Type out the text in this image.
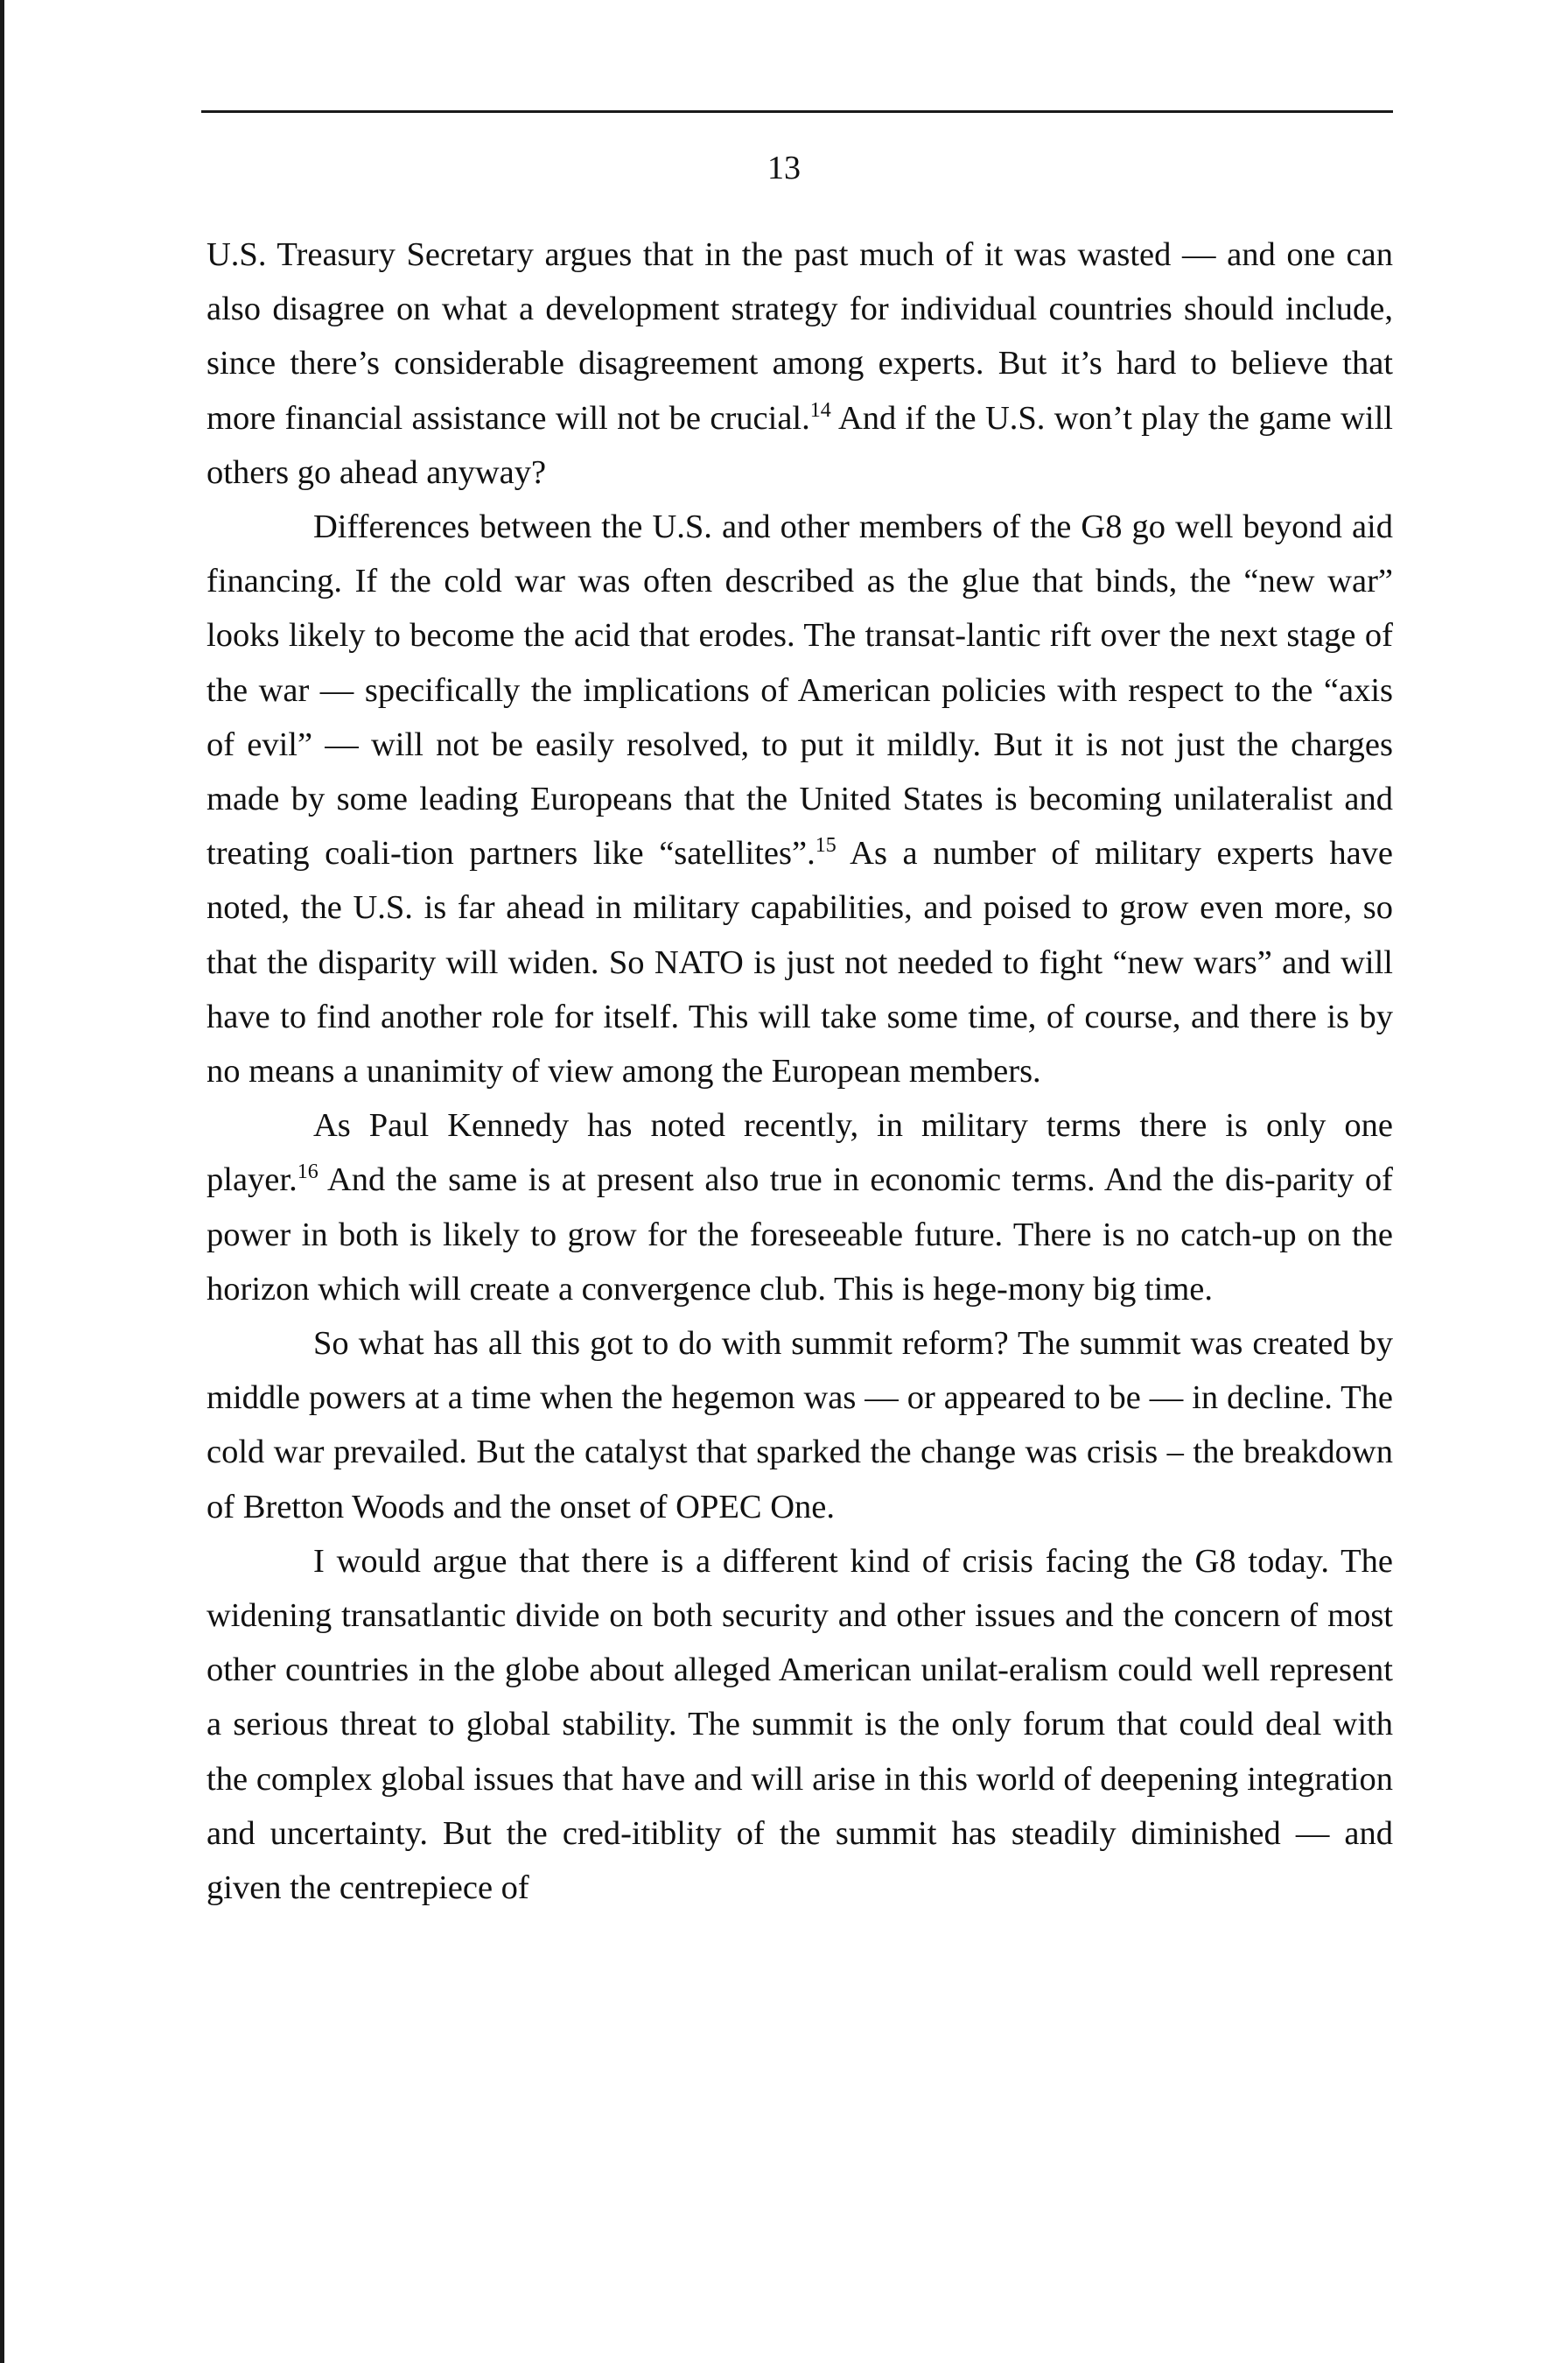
13

U.S. Treasury Secretary argues that in the past much of it was wasted — and one can also disagree on what a development strategy for individual countries should include, since there’s considerable disagreement among experts. But it’s hard to believe that more financial assistance will not be crucial.$^{14}$ And if the U.S. won’t play the game will others go ahead anyway?

Differences between the U.S. and other members of the G8 go well beyond aid financing. If the cold war was often described as the glue that binds, the “new war” looks likely to become the acid that erodes. The transat-lantic rift over the next stage of the war — specifically the implications of American policies with respect to the “axis of evil” — will not be easily resolved, to put it mildly. But it is not just the charges made by some leading Europeans that the United States is becoming unilateralist and treating coali-tion partners like “satellites”.$^{15}$ As a number of military experts have noted, the U.S. is far ahead in military capabilities, and poised to grow even more, so that the disparity will widen. So NATO is just not needed to fight “new wars” and will have to find another role for itself. This will take some time, of course, and there is by no means a unanimity of view among the European members.

As Paul Kennedy has noted recently, in military terms there is only one player.$^{16}$ And the same is at present also true in economic terms. And the dis-parity of power in both is likely to grow for the foreseeable future. There is no catch-up on the horizon which will create a convergence club. This is hege-mony big time.

So what has all this got to do with summit reform? The summit was created by middle powers at a time when the hegemon was — or appeared to be — in decline. The cold war prevailed. But the catalyst that sparked the change was crisis – the breakdown of Bretton Woods and the onset of OPEC One.

I would argue that there is a different kind of crisis facing the G8 today. The widening transatlantic divide on both security and other issues and the concern of most other countries in the globe about alleged American unilat-eralism could well represent a serious threat to global stability. The summit is the only forum that could deal with the complex global issues that have and will arise in this world of deepening integration and uncertainty. But the cred-itiblity of the summit has steadily diminished — and given the centrepiece of
